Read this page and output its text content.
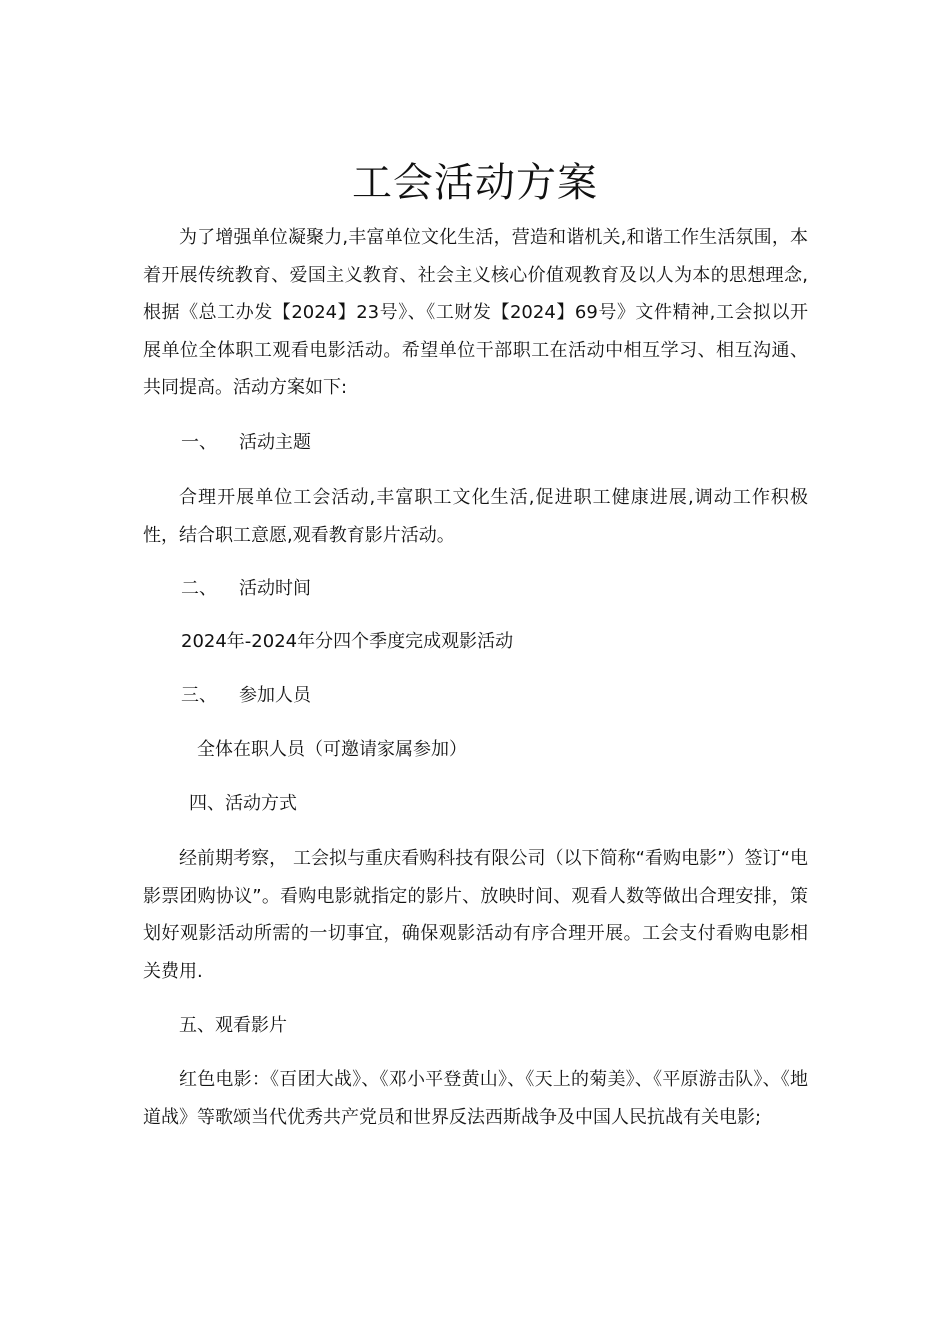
工会活动方案

为了增强单位凝聚力,丰富单位文化生活，营造和谐机关,和谐工作生活氛围，本着开展传统教育、爱国主义教育、社会主义核心价值观教育及以人为本的思想理念,根据《总工办发【2024】23号》、《工财发【2024】69号》文件精神,工会拟以开展单位全体职工观看电影活动。希望单位干部职工在活动中相互学习、相互沟通、共同提高。活动方案如下:

一、 活动主题

合理开展单位工会活动,丰富职工文化生活,促进职工健康进展,调动工作积极性，结合职工意愿,观看教育影片活动。

二、 活动时间
2024年-2024年分四个季度完成观影活动
三、 参加人员
全体在职人员（可邀请家属参加）
四、活动方式

经前期考察， 工会拟与重庆看购科技有限公司（以下简称“看购电影”）签订“电影票团购协议”。看购电影就指定的影片、放映时间、观看人数等做出合理安排，策划好观影活动所需的一切事宜，确保观影活动有序合理开展。工会支付看购电影相关费用.

五、观看影片

红色电影：《百团大战》、《邓小平登黄山》、《天上的菊美》、《平原游击队》、《地道战》等歌颂当代优秀共产党员和世界反法西斯战争及中国人民抗战有关电影;
